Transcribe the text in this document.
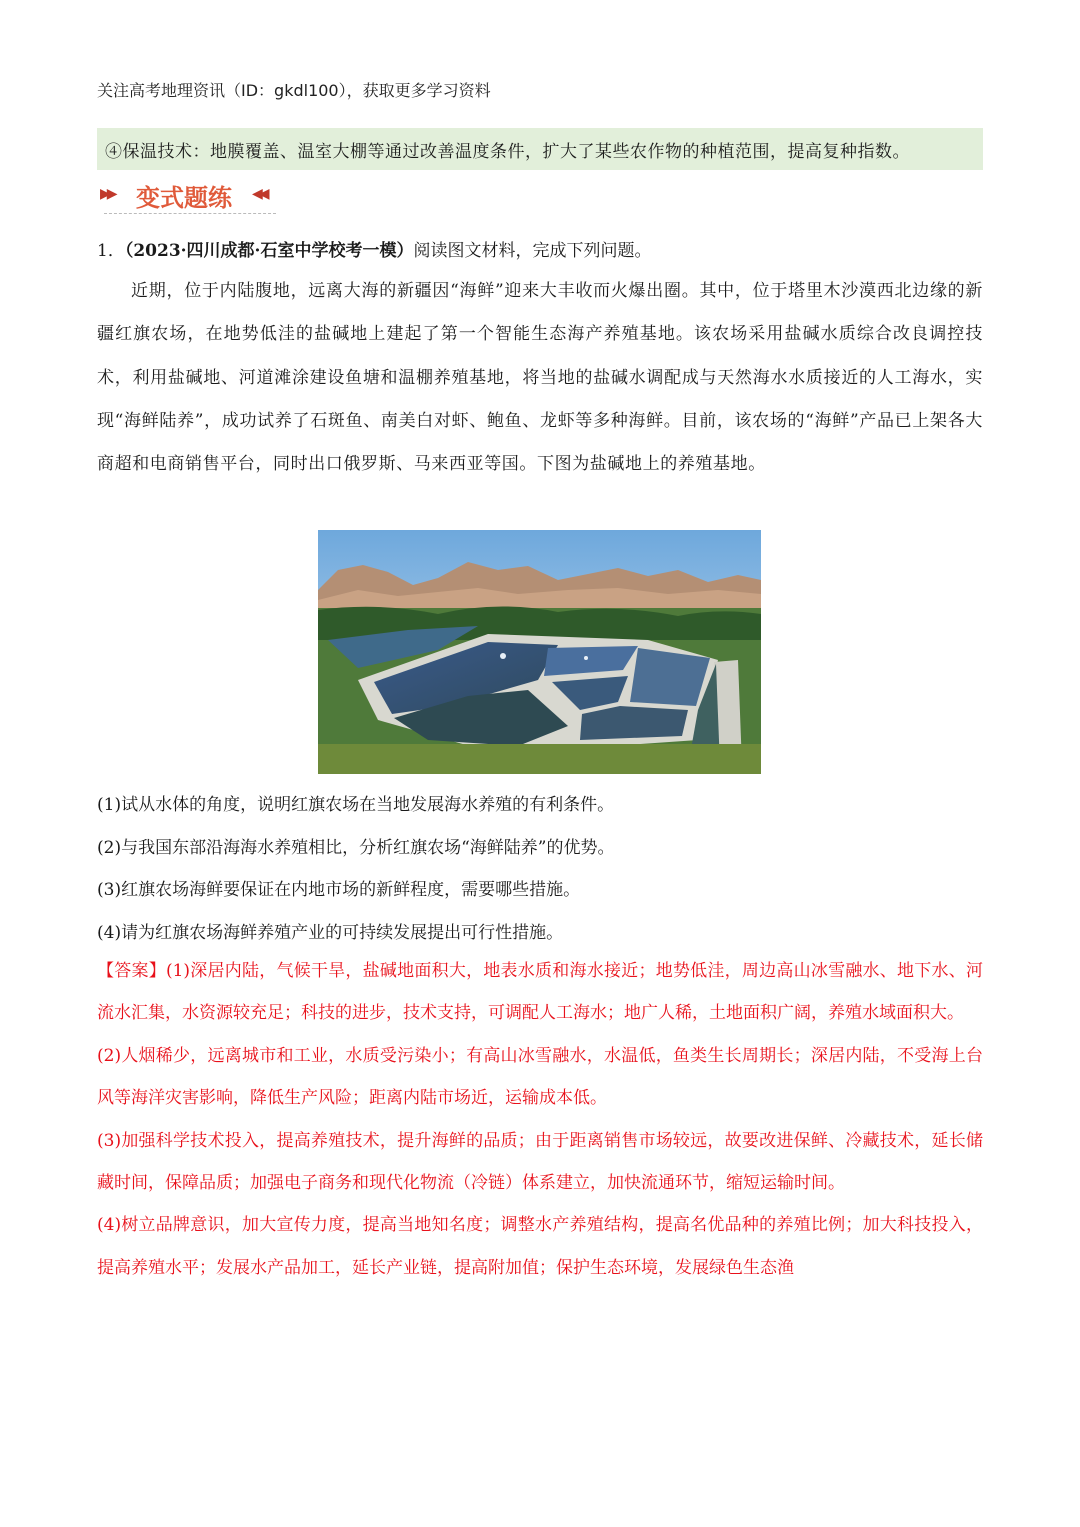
关注高考地理资讯（ID：gkdl100），获取更多学习资料
④保温技术：地膜覆盖、温室大棚等通过改善温度条件，扩大了某些农作物的种植范围，提高复种指数。
▶▶ 变式题练 ◀◀
1．（2023·四川成都·石室中学校考一模）阅读图文材料，完成下列问题。
近期，位于内陆腹地，远离大海的新疆因“海鲜”迎来大丰收而火爆出圈。其中，位于塔里木沙漠西北边缘的新疆红旗农场，在地势低洼的盐碱地上建起了第一个智能生态海产养殖基地。该农场采用盐碱水质综合改良调控技术，利用盐碱地、河道滩涂建设鱼塘和温棚养殖基地，将当地的盐碱水调配成与天然海水水质接近的人工海水，实现“海鲜陆养”，成功试养了石斑鱼、南美白对虾、鲍鱼、龙虾等多种海鲜。目前，该农场的“海鲜”产品已上架各大商超和电商销售平台，同时出口俄罗斯、马来西亚等国。下图为盐碱地上的养殖基地。
(1)试从水体的角度，说明红旗农场在当地发展海水养殖的有利条件。
(2)与我国东部沿海海水养殖相比，分析红旗农场“海鲜陆养”的优势。
(3)红旗农场海鲜要保证在内地市场的新鲜程度，需要哪些措施。
(4)请为红旗农场海鲜养殖产业的可持续发展提出可行性措施。

【答案】(1)深居内陆，气候干旱，盐碱地面积大，地表水质和海水接近；地势低洼，周边高山冰雪融水、地下水、河流水汇集，水资源较充足；科技的进步，技术支持，可调配人工海水；地广人稀，土地面积广阔，养殖水域面积大。

(2)人烟稀少，远离城市和工业，水质受污染小；有高山冰雪融水，水温低，鱼类生长周期长；深居内陆，不受海上台风等海洋灾害影响，降低生产风险；距离内陆市场近，运输成本低。

(3)加强科学技术投入，提高养殖技术，提升海鲜的品质；由于距离销售市场较远，故要改进保鲜、冷藏技术，延长储藏时间，保障品质；加强电子商务和现代化物流（冷链）体系建立，加快流通环节，缩短运输时间。

(4)树立品牌意识，加大宣传力度，提高当地知名度；调整水产养殖结构，提高名优品种的养殖比例；加大科技投入，提高养殖水平；发展水产品加工，延长产业链，提高附加值；保护生态环境，发展绿色生态渔
